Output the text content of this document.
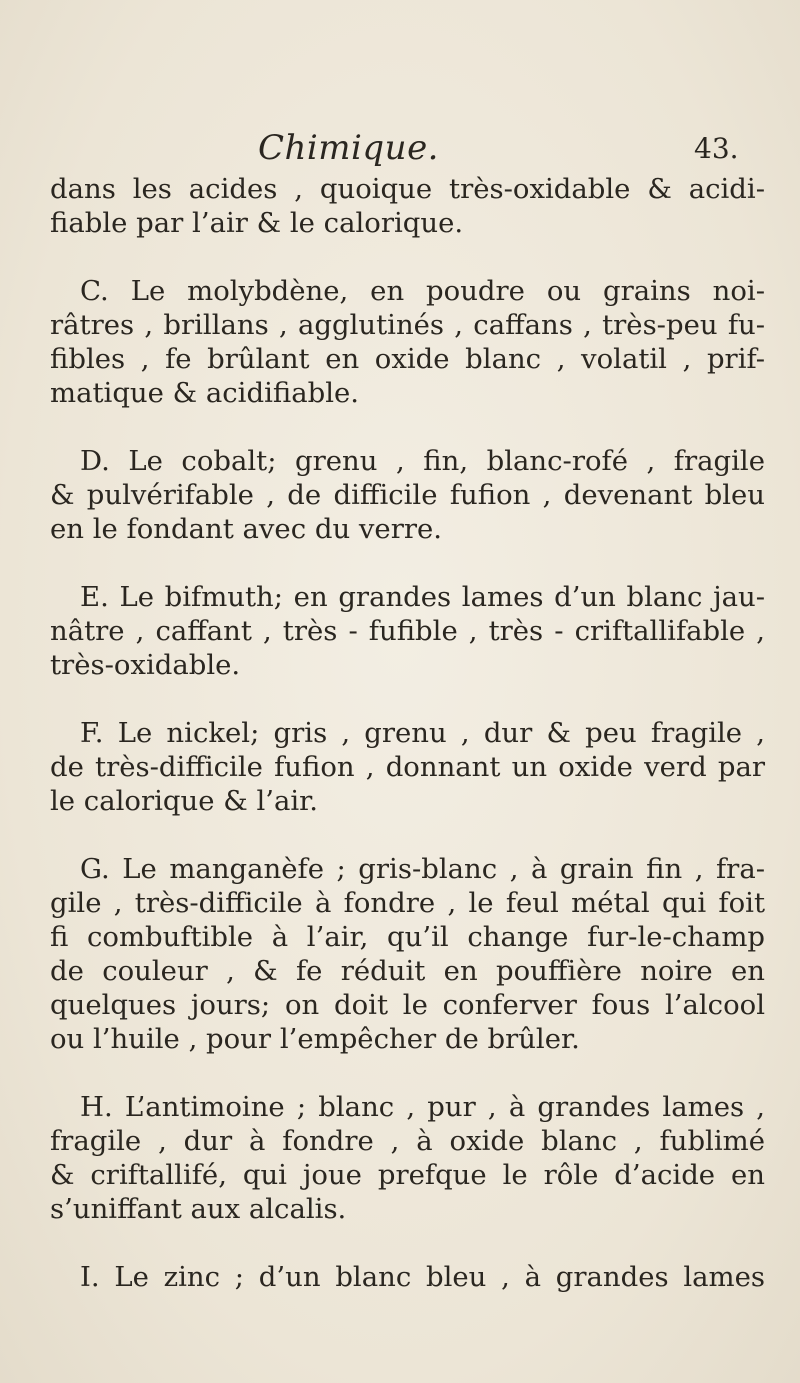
Chimique.	43.

dans les acides , quoique très-oxidable & acidi-
fiable par l’air & le calorique.

C. Le molybdène, en poudre ou grains noi-
râtres , brillans , agglutinés , caffans , très-peu fu-
fibles , fe brûlant en oxide blanc , volatil , prif-
matique & acidifiable.

D. Le cobalt; grenu , fin, blanc-rofé , fragile
& pulvérifable , de difficile fufion , devenant bleu
en le fondant avec du verre.

E. Le bifmuth; en grandes lames d’un blanc jau-
nâtre , caffant , très - fufible , très - criftallifable ,
très-oxidable.

F. Le nickel; gris , grenu , dur & peu fragile ,
de très-difficile fufion , donnant un oxide verd par
le calorique & l’air.

G. Le manganèfe ; gris-blanc , à grain fin , fra-
gile , très-difficile à fondre , le feul métal qui foit
fi combuftible à l’air, qu’il change fur-le-champ
de couleur , & fe réduit en pouffière noire en
quelques jours; on doit le conferver fous l’alcool
ou l’huile , pour l’empêcher de brûler.

H. L’antimoine ; blanc , pur , à grandes lames ,
fragile , dur à fondre , à oxide blanc , fublimé
& criftallifé, qui joue prefque le rôle d’acide en
s’uniffant aux alcalis.

I. Le zinc ; d’un blanc bleu , à grandes lames
